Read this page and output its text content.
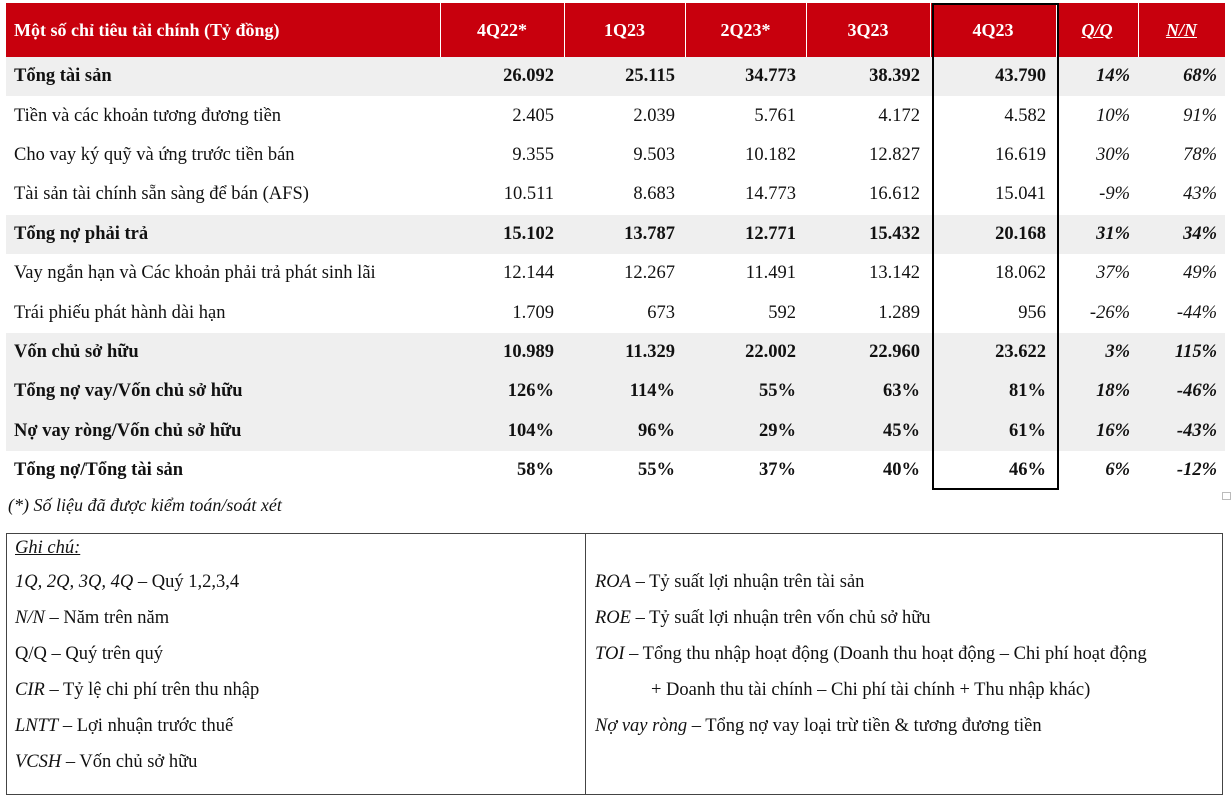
Một số chỉ tiêu tài chính (Tỷ đồng)	4Q22*	1Q23	2Q23*	3Q23	4Q23	Q/Q	N/N
Tổng tài sản	26.092	25.115	34.773	38.392	43.790	14%	68%
Tiền và các khoản tương đương tiền	2.405	2.039	5.761	4.172	4.582	10%	91%
Cho vay ký quỹ và ứng trước tiền bán	9.355	9.503	10.182	12.827	16.619	30%	78%
Tài sản tài chính sẵn sàng để bán (AFS)	10.511	8.683	14.773	16.612	15.041	-9%	43%
Tổng nợ phải trả	15.102	13.787	12.771	15.432	20.168	31%	34%
Vay ngắn hạn và Các khoản phải trả phát sinh lãi	12.144	12.267	11.491	13.142	18.062	37%	49%
Trái phiếu phát hành dài hạn	1.709	673	592	1.289	956	-26%	-44%
Vốn chủ sở hữu	10.989	11.329	22.002	22.960	23.622	3%	115%
Tổng nợ vay/Vốn chủ sở hữu	126%	114%	55%	63%	81%	18%	-46%
Nợ vay ròng/Vốn chủ sở hữu	104%	96%	29%	45%	61%	16%	-43%
Tổng nợ/Tổng tài sản	58%	55%	37%	40%	46%	6%	-12%
(*) Số liệu đã được kiểm toán/soát xét
Ghi chú:
1Q, 2Q, 3Q, 4Q – Quý 1,2,3,4
N/N – Năm trên năm
Q/Q – Quý trên quý
CIR – Tỷ lệ chi phí trên thu nhập
LNTT – Lợi nhuận trước thuế
VCSH – Vốn chủ sở hữu
ROA – Tỷ suất lợi nhuận trên tài sản
ROE – Tỷ suất lợi nhuận trên vốn chủ sở hữu
TOI – Tổng thu nhập hoạt động (Doanh thu hoạt động – Chi phí hoạt động
+ Doanh thu tài chính – Chi phí tài chính + Thu nhập khác)
Nợ vay ròng – Tổng nợ vay loại trừ tiền & tương đương tiền
